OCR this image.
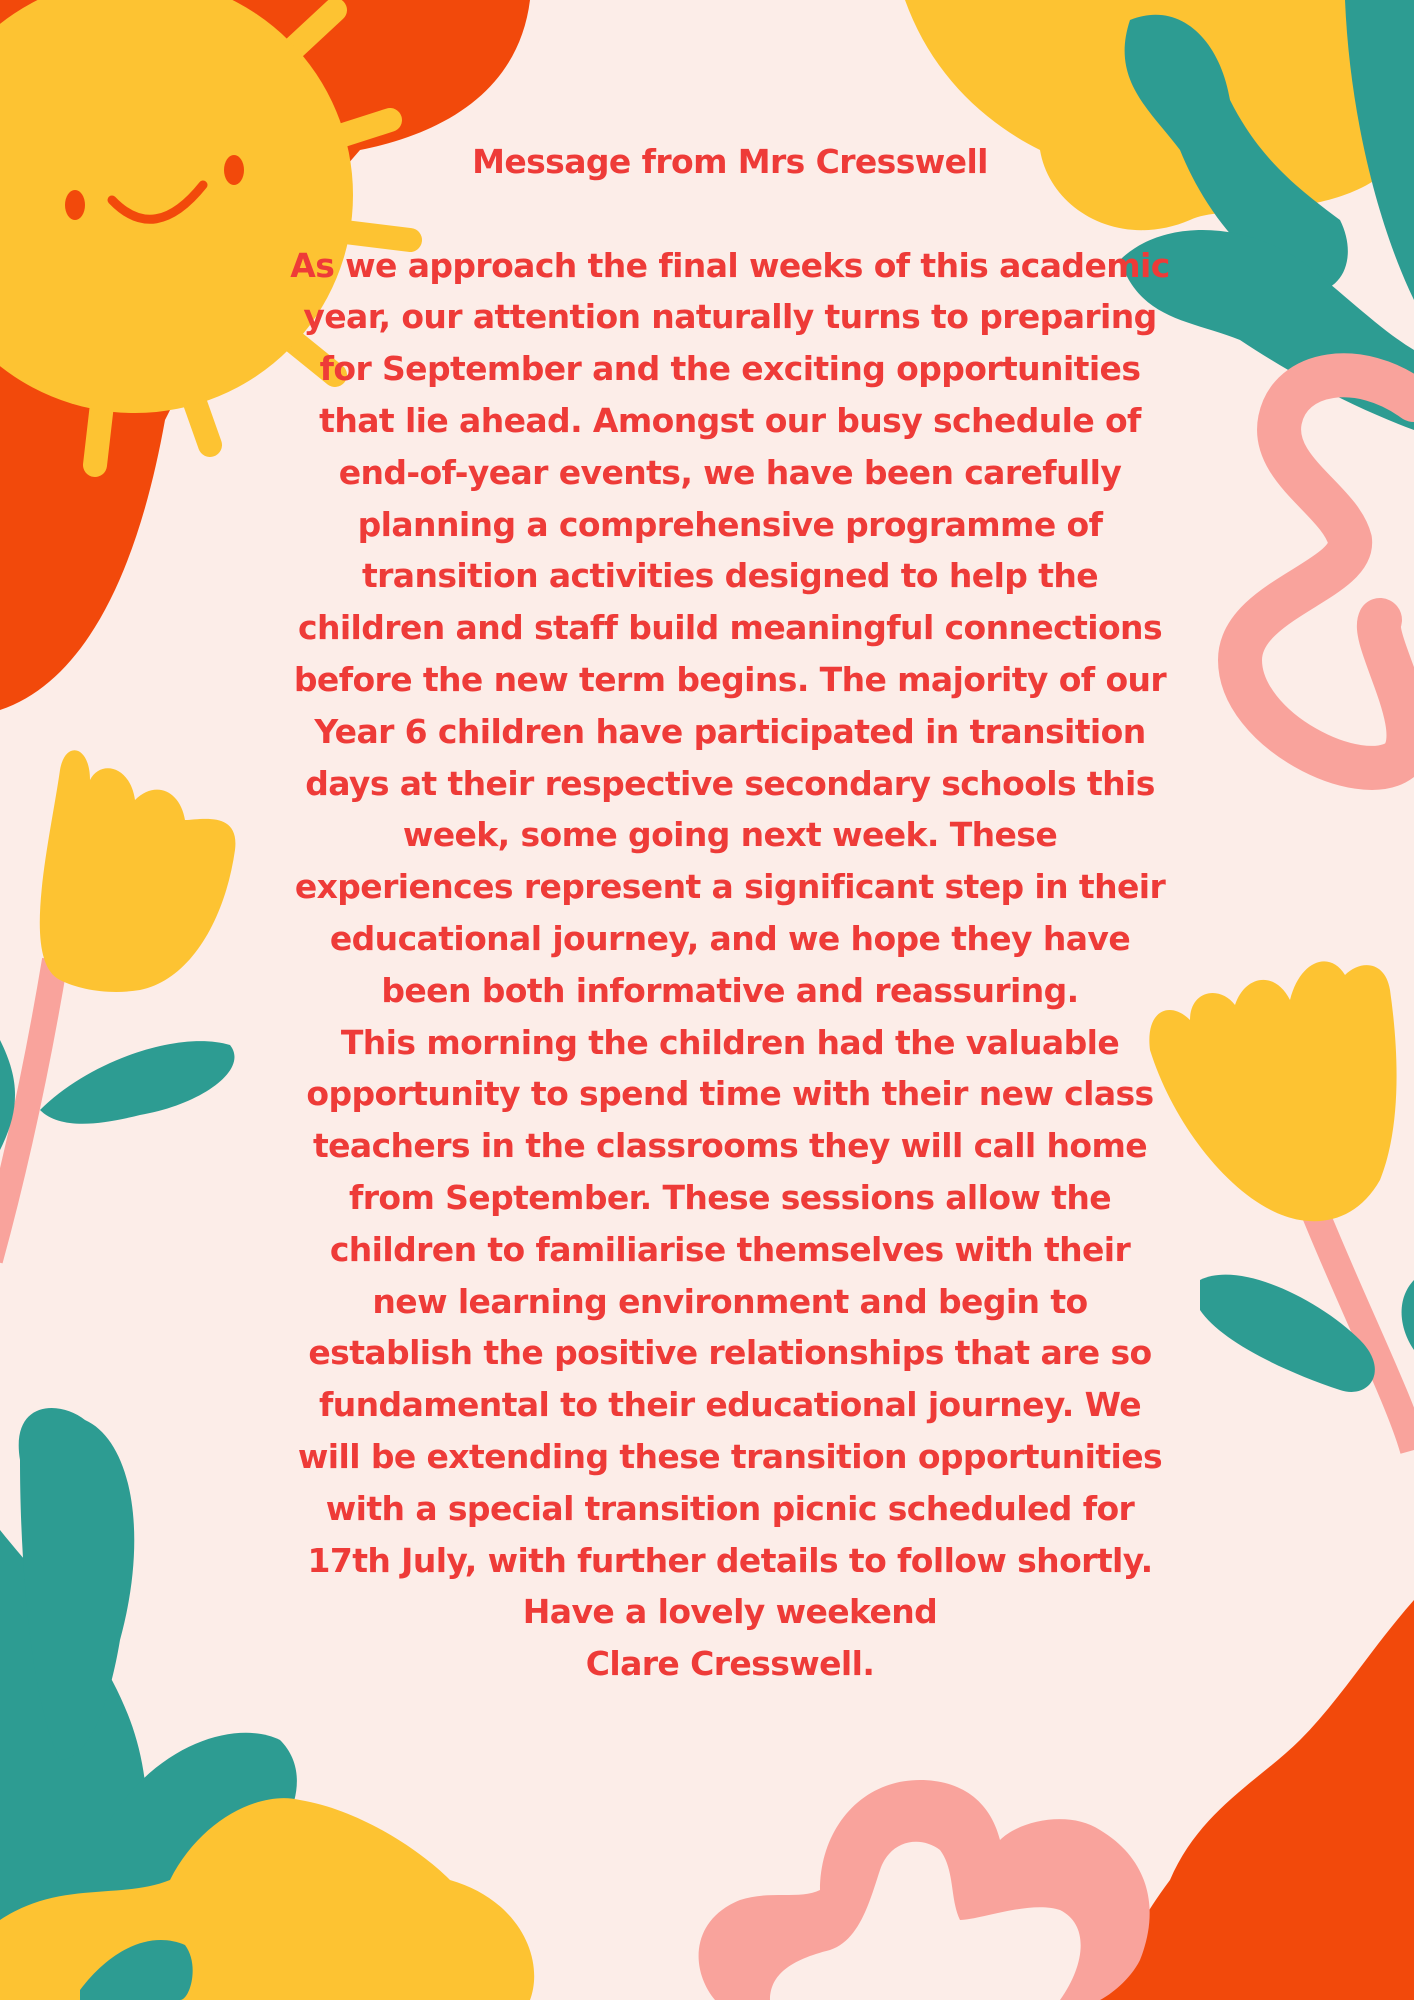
Message from Mrs Cresswell

As we approach the final weeks of this academic year, our attention naturally turns to preparing for September and the exciting opportunities that lie ahead. Amongst our busy schedule of end-of-year events, we have been carefully planning a comprehensive programme of transition activities designed to help the children and staff build meaningful connections before the new term begins. The majority of our Year 6 children have participated in transition days at their respective secondary schools this week, some going next week. These experiences represent a significant step in their educational journey, and we hope they have been both informative and reassuring.

This morning the children had the valuable opportunity to spend time with their new class teachers in the classrooms they will call home from September. These sessions allow the children to familiarise themselves with their new learning environment and begin to establish the positive relationships that are so fundamental to their educational journey. We will be extending these transition opportunities with a special transition picnic scheduled for 17th July, with further details to follow shortly.

Have a lovely weekend

Clare Cresswell.
